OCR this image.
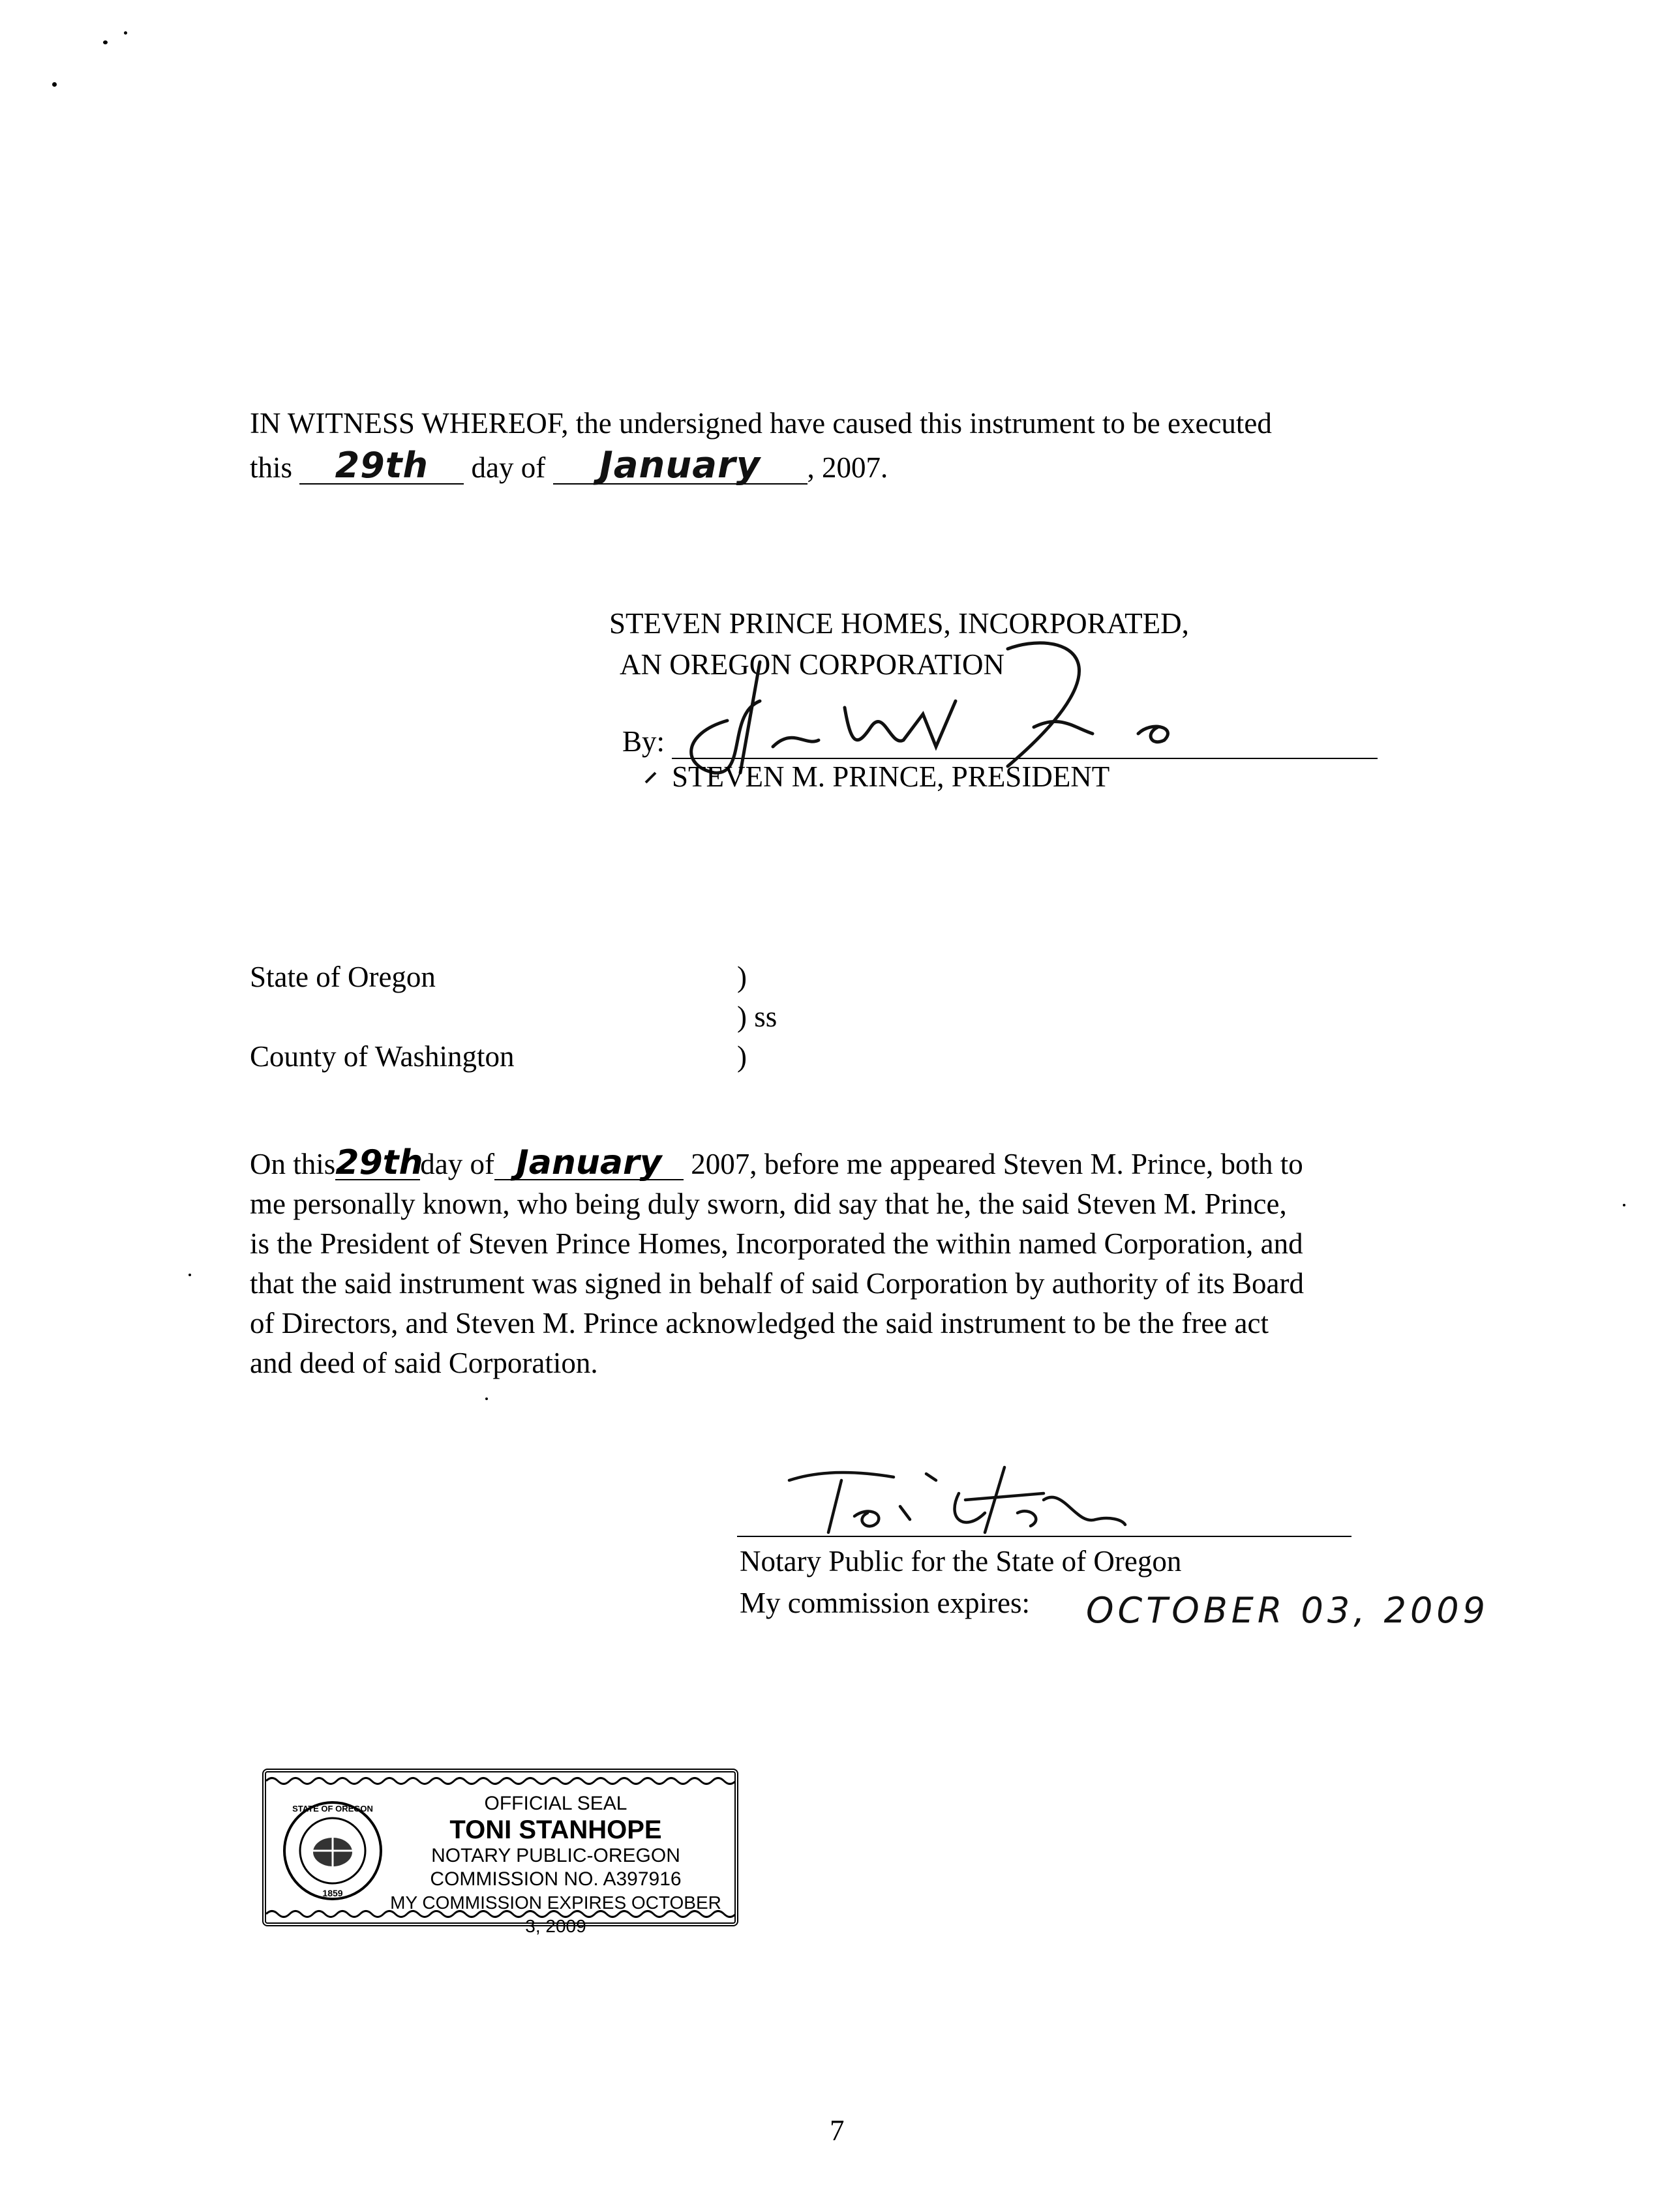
IN WITNESS WHEREOF, the undersigned have caused this instrument to be executed
this 29th day of January , 2007.
STEVEN PRINCE HOMES, INCORPORATED,
AN OREGON CORPORATION
By:
STEVEN M. PRINCE, PRESIDENT
State of Oregon
County of Washington
)
) ss
)
On this29thday of January 2007, before me appeared Steven M. Prince, both to
me personally known, who being duly sworn, did say that he, the said Steven M. Prince,
is the President of Steven Prince Homes, Incorporated the within named Corporation, and
that the said instrument was signed in behalf of said Corporation by authority of its Board
of Directors, and Steven M. Prince acknowledged the said instrument to be the free act
and deed of said Corporation.
Notary Public for the State of Oregon
My commission expires: OCTOBER 03, 2009
STATE OF OREGON
1859
OFFICIAL SEAL
TONI STANHOPE
NOTARY PUBLIC-OREGON
COMMISSION NO. A397916
MY COMMISSION EXPIRES OCTOBER 3, 2009
7
